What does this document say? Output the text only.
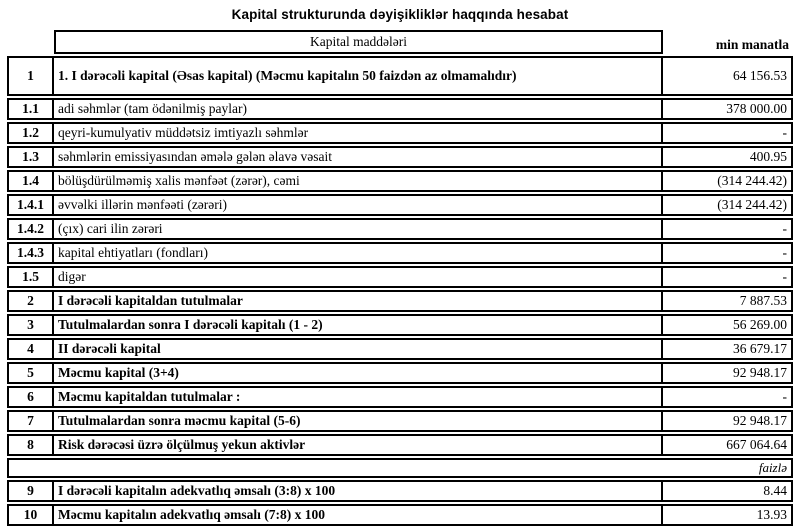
Kapital strukturunda dəyişikliklər haqqında hesabat
	Kapital maddələri	min manatla
1	1. I dərəcəli kapital (Əsas kapital) (Məcmu kapitalın 50 faizdən az olmamalıdır)	64 156.53
1.1	adi səhmlər (tam ödənilmiş paylar)	378 000.00
1.2	qeyri-kumulyativ müddətsiz imtiyazlı səhmlər	-
1.3	səhmlərin emissiyasından əmələ gələn əlavə vəsait	400.95
1.4	bölüşdürülməmiş xalis mənfəət (zərər), cəmi	(314 244.42)
1.4.1	əvvəlki illərin mənfəəti (zərəri)	(314 244.42)
1.4.2	(çıx) cari ilin zərəri	-
1.4.3	kapital ehtiyatları (fondları)	-
1.5	digər	-
2	I dərəcəli kapitaldan tutulmalar	7 887.53
3	Tutulmalardan sonra I dərəcəli kapitalı (1 - 2)	56 269.00
4	II dərəcəli kapital	36 679.17
5	Məcmu kapital (3+4)	92 948.17
6	Məcmu kapitaldan tutulmalar :	-
7	Tutulmalardan sonra məcmu kapital (5-6)	92 948.17
8	Risk dərəcəsi üzrə ölçülmuş yekun aktivlər	667 064.64
faizlə		
9	I dərəcəli kapitalın adekvatlıq əmsalı (3:8) x 100	8.44
10	Məcmu kapitalın adekvatlıq əmsalı (7:8) x 100	13.93
